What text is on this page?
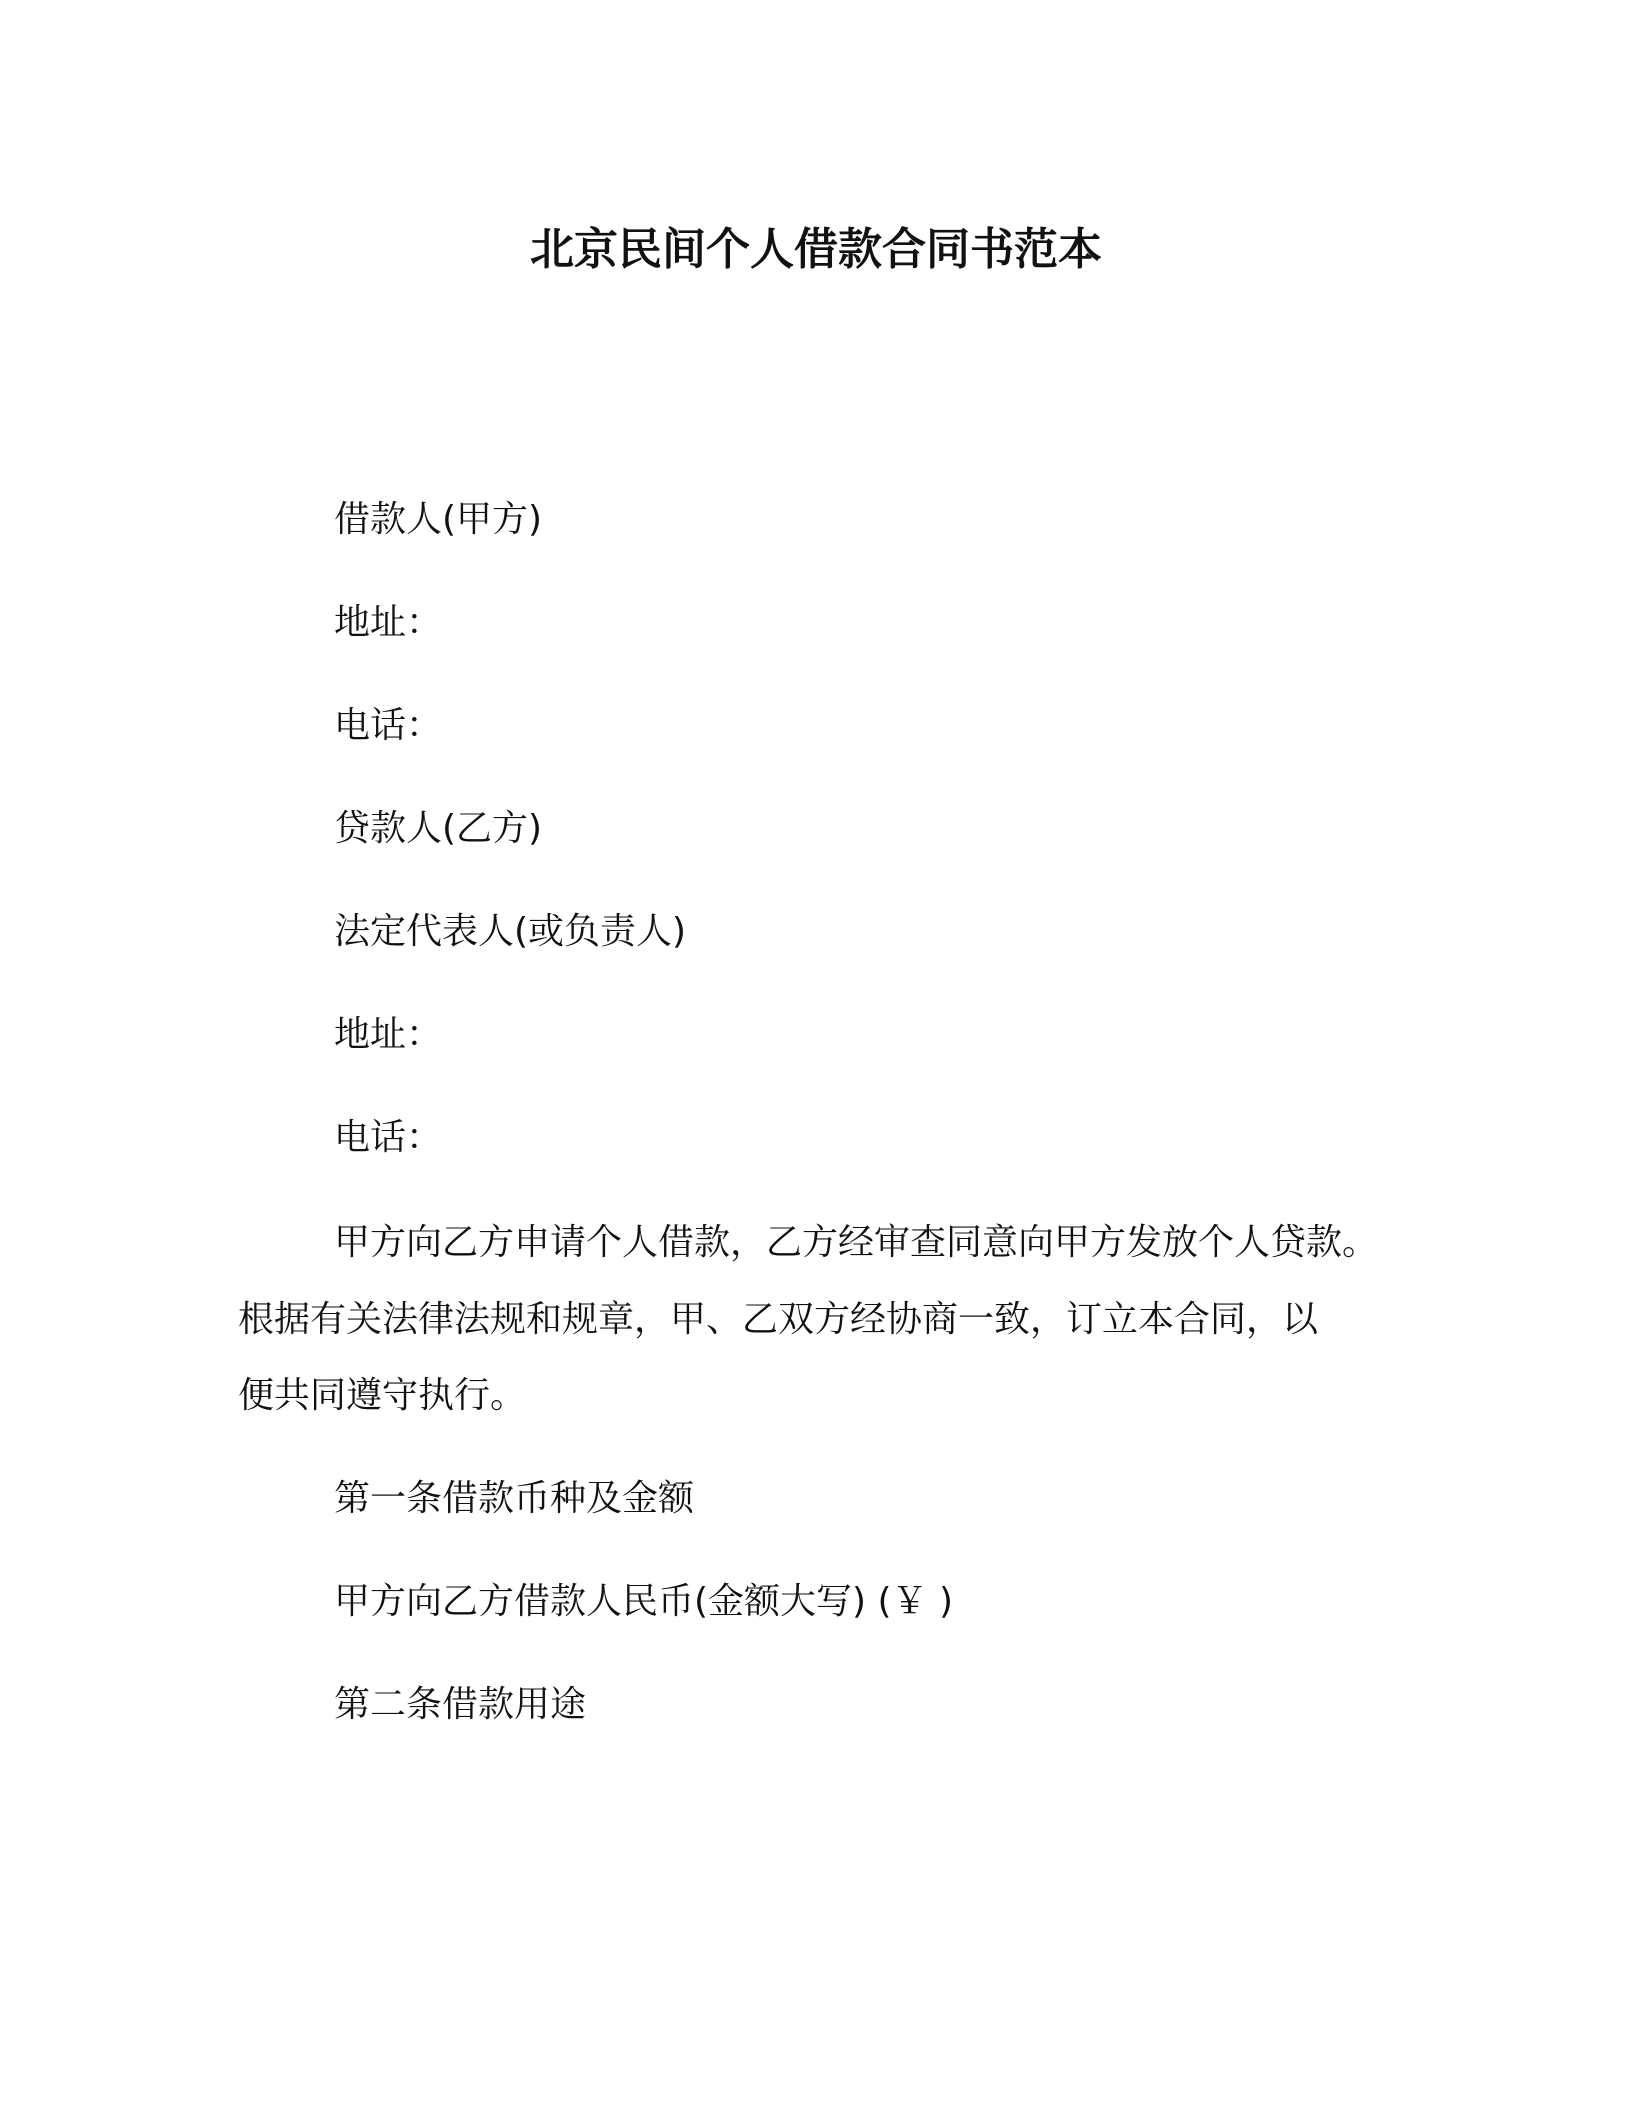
北京民间个人借款合同书范本
借款人(甲方)
地址：
电话：
贷款人(乙方)
法定代表人(或负责人)
地址：
电话：
甲方向乙方申请个人借款，乙方经审查同意向甲方发放个人贷款。
根据有关法律法规和规章，甲、乙双方经协商一致，订立本合同，以
便共同遵守执行。
第一条借款币种及金额
甲方向乙方借款人民币(金额大写) (￥ )
第二条借款用途
